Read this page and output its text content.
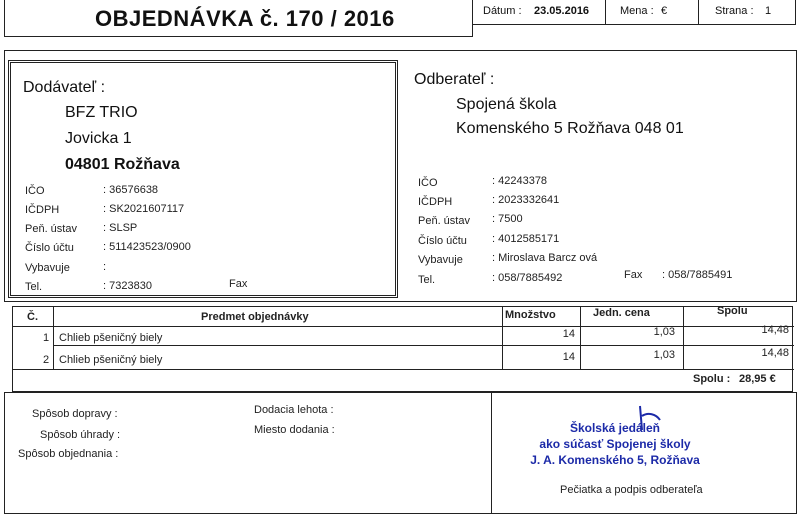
OBJEDNÁVKA č. 170 / 2016	Dátum : 23.05.2016	Mena : €	Strana : 1
Dodávateľ :
BFZ TRIO
Jovicka 1
04801 Rožňava
IČO	: 36576638
IČDPH	: SK2021607117
Peň. ústav : SLSP
Číslo účtu	: 511423523/0900
Vybavuje	:
Tel.	: 7323830	Fax
Odberateľ :
Spojená škola
Komenského 5 Rožňava 048 01
IČO	: 42243378
IČDPH	: 2023332641
Peň. ústav : 7500
Číslo účtu : 4012585171
Vybavuje	: Miroslava Barcz ová
Tel.	: 058/7885492	Fax : 058/7885491
Č.	Predmet objednávky	Množstvo	Jedn. cena	Spolu
1 Chlieb pšeničný biely	14	1,03	14,48
2 Chlieb pšeničný biely	14	1,03	14,48
Spolu : 28,95 €
Spôsob dopravy :
Spôsob úhrady :
Spôsob objednania :
Dodacia lehota :
Miesto dodania :	Školská jedáleň
ako súčasť Spojenej školy
J. A. Komenského 5, Rožňava
Pečiatka a podpis odberateľa
